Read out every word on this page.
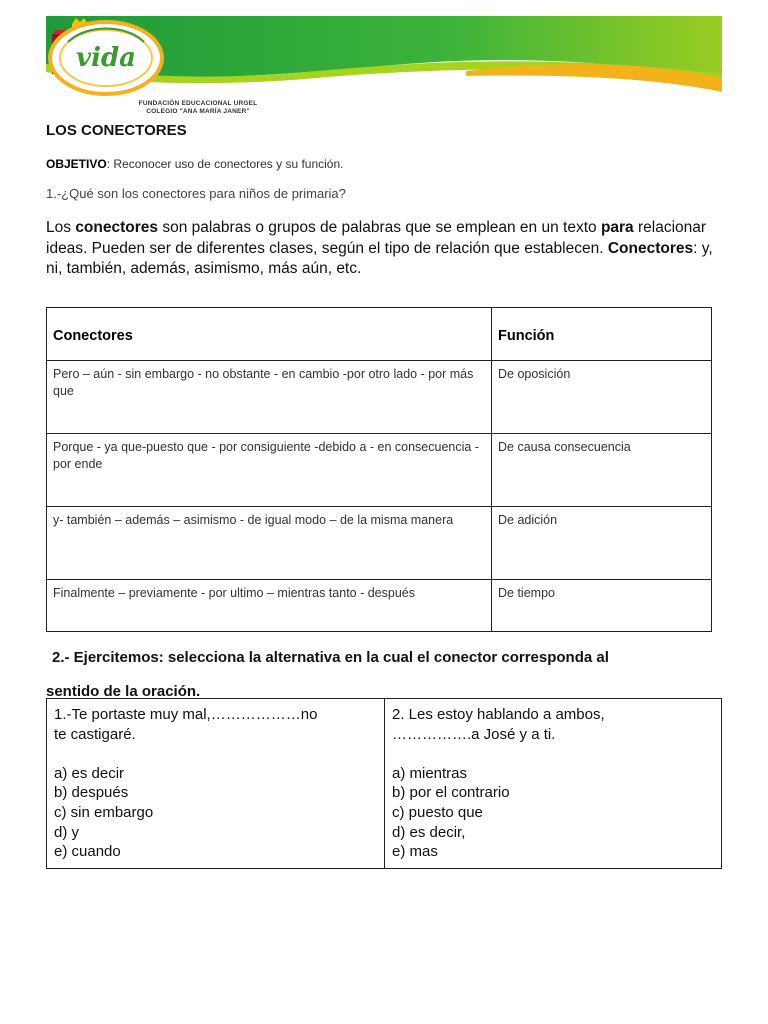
FUNDACIÓN EDUCACIONAL URGEL
COLEGIO "ANA MARÍA JANER"
vida
LOS CONECTORES
OBJETIVO: Reconocer uso de conectores y su función.
1.-¿Qué son los conectores para niños de primaria?
Los conectores son palabras o grupos de palabras que se emplean en un texto para relacionar ideas. Pueden ser de diferentes clases, según el tipo de relación que establecen. Conectores: y, ni, también, además, asimismo, más aún, etc.
Conectores	Función
Pero – aún - sin embargo - no obstante - en cambio -por otro lado - por más que	De oposición
Porque - ya que-puesto que - por consiguiente -debido a - en consecuencia - por ende	De causa consecuencia
y- también – además – asimismo - de igual modo – de la misma manera	De adición
Finalmente – previamente - por ultimo – mientras tanto - después	De tiempo
2.- Ejercitemos: selecciona la alternativa en la cual el conector corresponda al
sentido de la oración.
1.-Te portaste muy mal,………………no
te castigaré.
a) es decir
b) después
c) sin embargo
d) y
e) cuando

2. Les estoy hablando a ambos,
…………….a José y a ti.
a) mientras
b) por el contrario
c) puesto que
d) es decir,
e) mas
